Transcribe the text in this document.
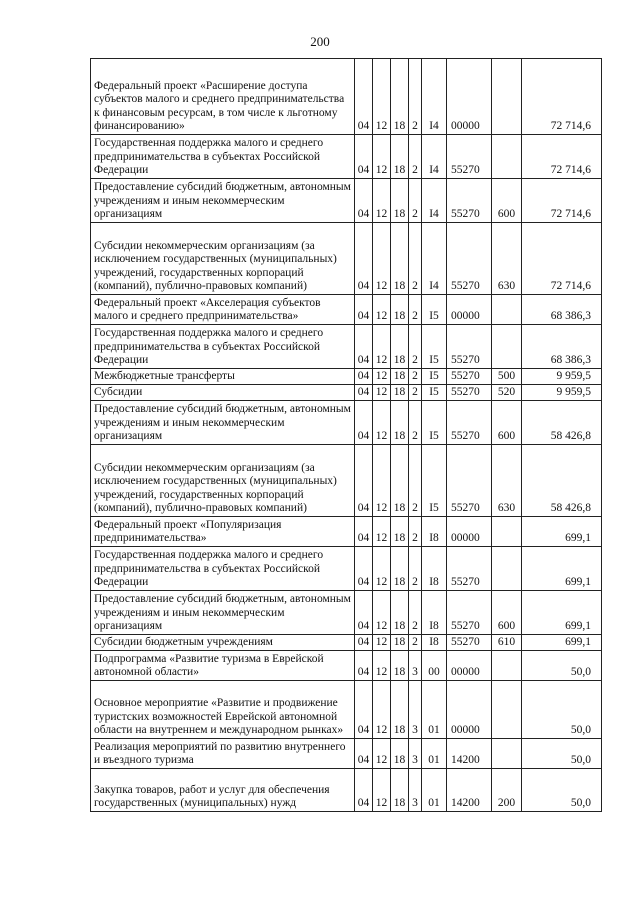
200
Федеральный проект «Расширение доступа субъектов малого и среднего предпринимательства к финансовым ресурсам, в том числе к льготному финансированию»	04	12	18	2	I4	00000		72 714,6
Государственная поддержка малого и среднего предпринимательства в субъектах Российской Федерации	04	12	18	2	I4	55270		72 714,6
Предоставление субсидий бюджетным, автономным учреждениям и иным некоммерческим организациям	04	12	18	2	I4	55270	600	72 714,6
Субсидии некоммерческим организациям (за исключением государственных (муниципальных) учреждений, государственных корпораций (компаний), публично-правовых компаний)	04	12	18	2	I4	55270	630	72 714,6
Федеральный проект «Акселерация субъектов малого и среднего предпринимательства»	04	12	18	2	I5	00000		68 386,3
Государственная поддержка малого и среднего предпринимательства в субъектах Российской Федерации	04	12	18	2	I5	55270		68 386,3
Межбюджетные трансферты	04	12	18	2	I5	55270	500	9 959,5
Субсидии	04	12	18	2	I5	55270	520	9 959,5
Предоставление субсидий бюджетным, автономным учреждениям и иным некоммерческим организациям	04	12	18	2	I5	55270	600	58 426,8
Субсидии некоммерческим организациям (за исключением государственных (муниципальных) учреждений, государственных корпораций (компаний), публично-правовых компаний)	04	12	18	2	I5	55270	630	58 426,8
Федеральный проект «Популяризация предпринимательства»	04	12	18	2	I8	00000		699,1
Государственная поддержка малого и среднего предпринимательства в субъектах Российской Федерации	04	12	18	2	I8	55270		699,1
Предоставление субсидий бюджетным, автономным учреждениям и иным некоммерческим организациям	04	12	18	2	I8	55270	600	699,1
Субсидии бюджетным учреждениям	04	12	18	2	I8	55270	610	699,1
Подпрограмма «Развитие туризма в Еврейской автономной области»	04	12	18	3	00	00000		50,0
Основное мероприятие «Развитие и продвижение туристских возможностей Еврейской автономной области на внутреннем и международном рынках»	04	12	18	3	01	00000		50,0
Реализация мероприятий по развитию внутреннего и въездного туризма	04	12	18	3	01	14200		50,0
Закупка товаров, работ и услуг для обеспечения государственных (муниципальных) нужд	04	12	18	3	01	14200	200	50,0
